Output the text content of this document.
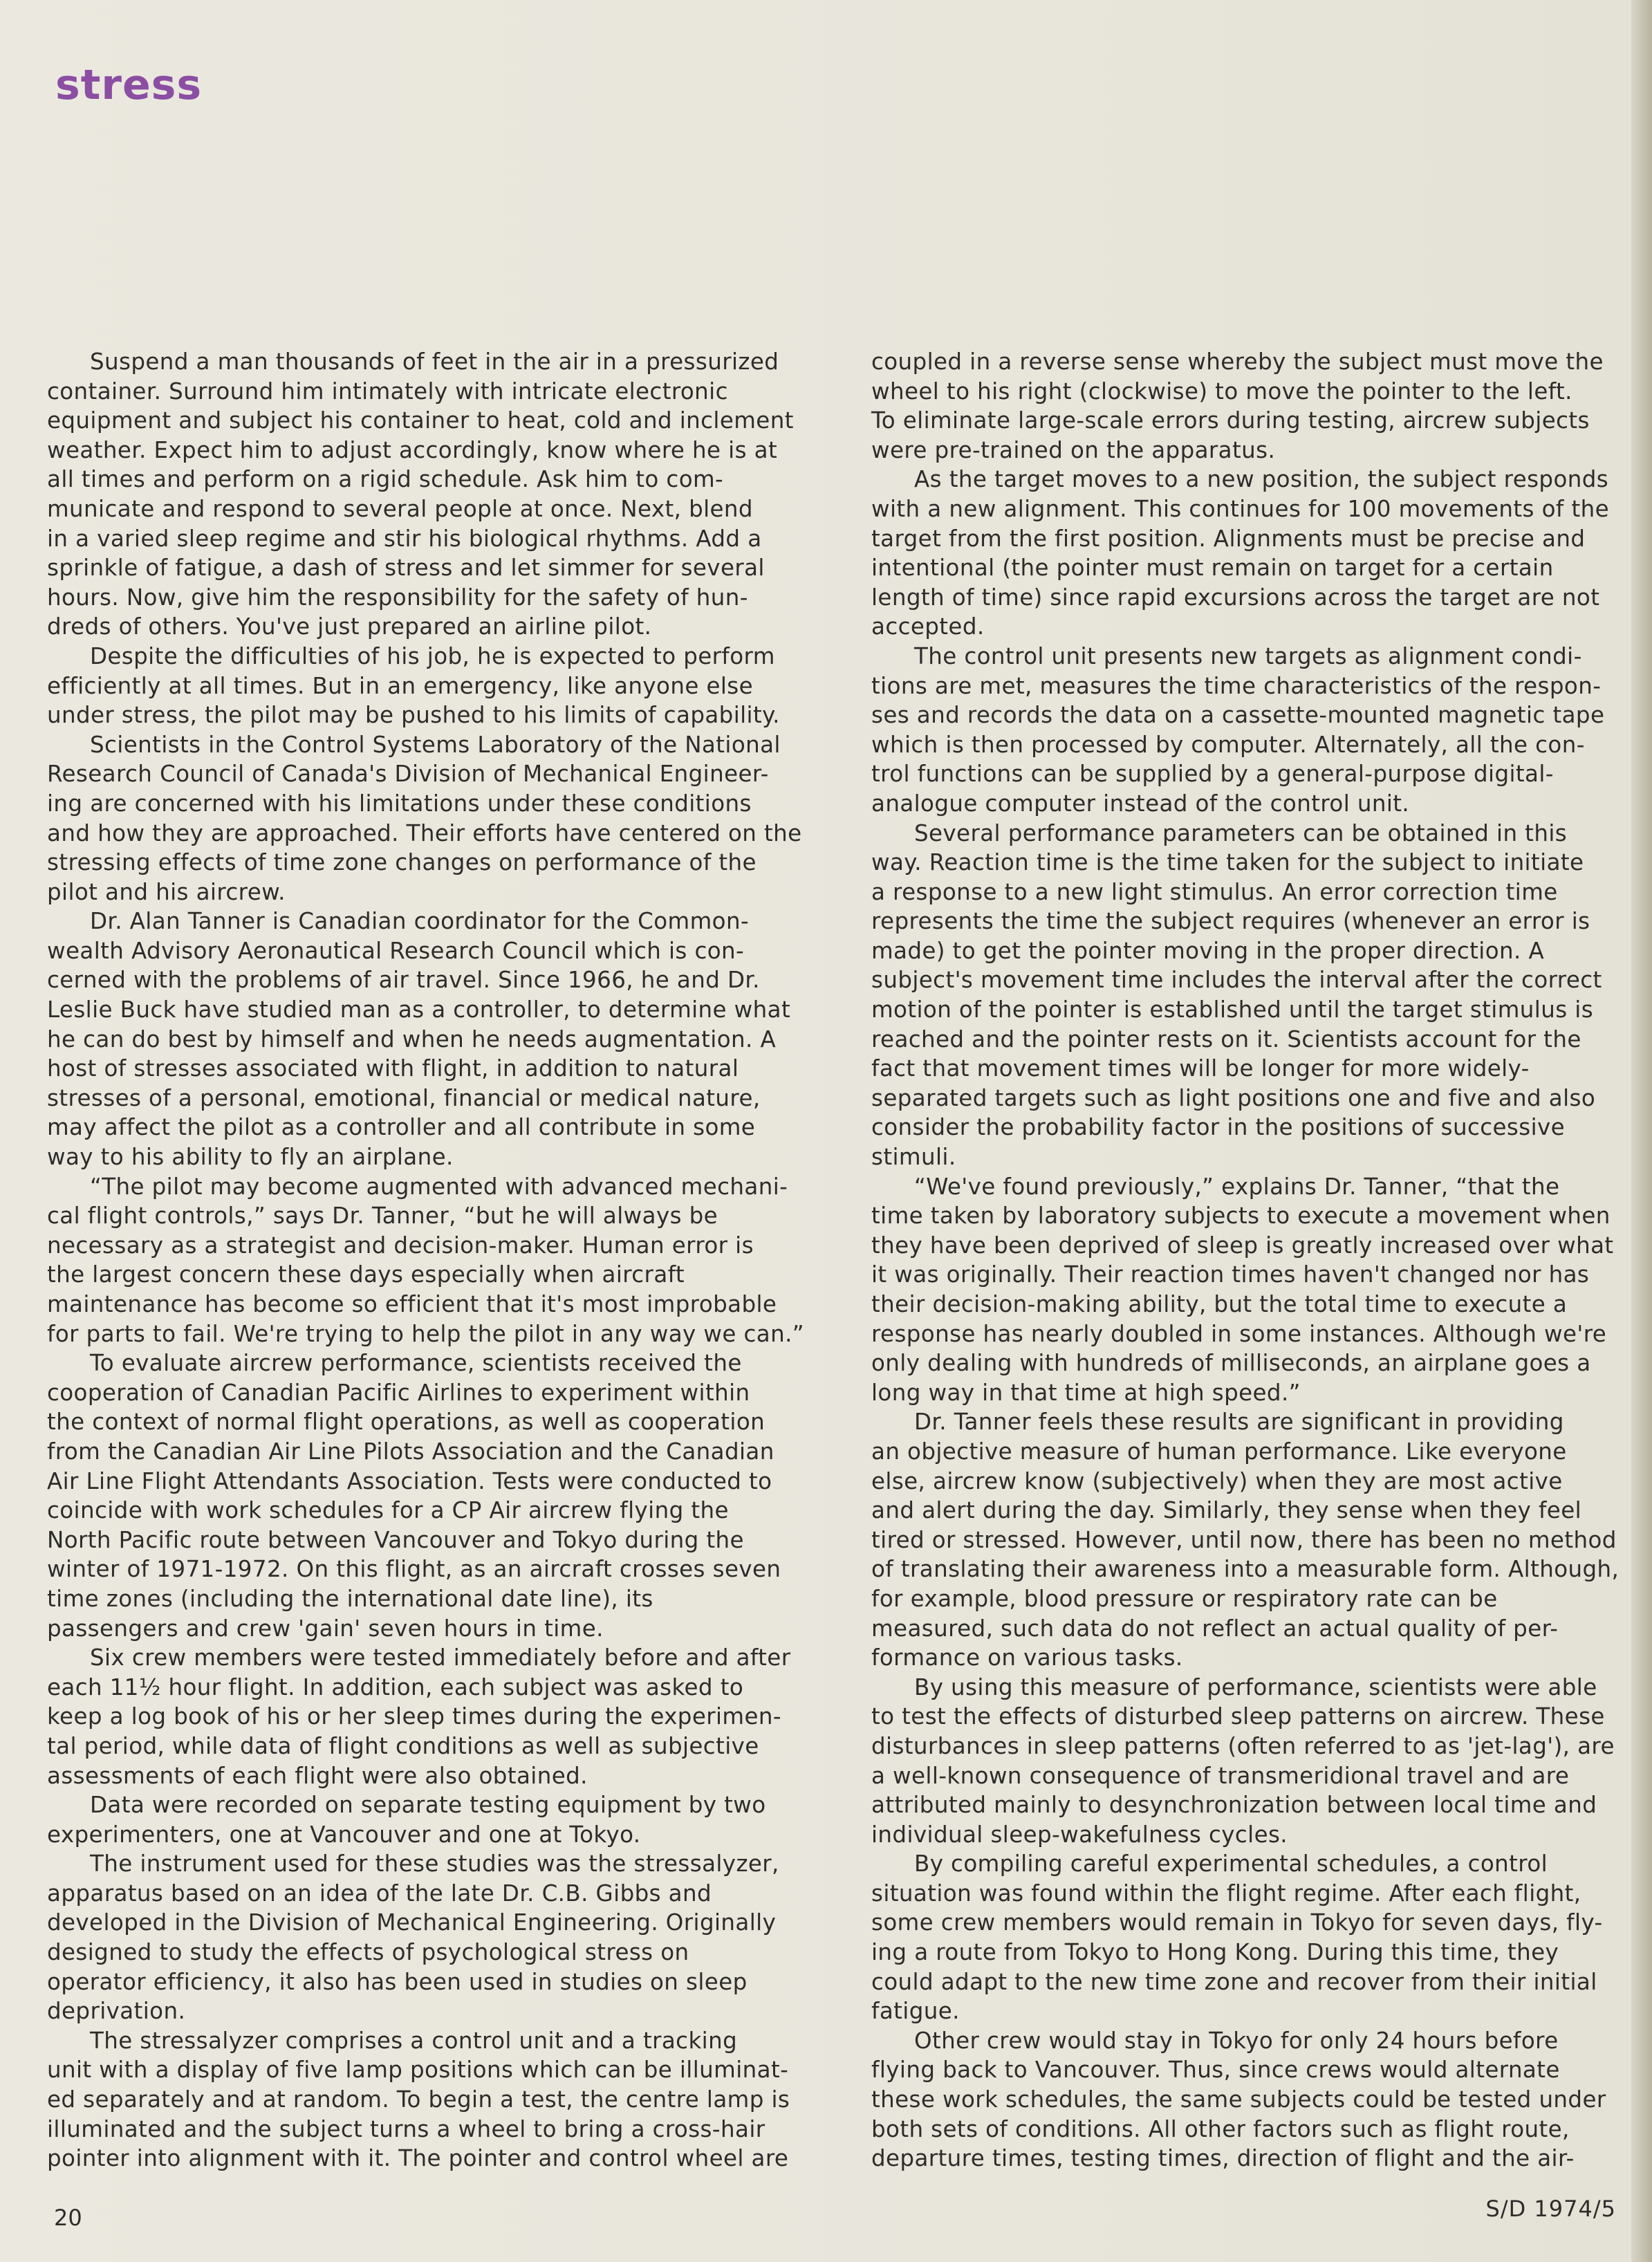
stress
Suspend a man thousands of feet in the air in a pressurized
container. Surround him intimately with intricate electronic
equipment and subject his container to heat, cold and inclement
weather. Expect him to adjust accordingly, know where he is at
all times and perform on a rigid schedule. Ask him to com-
municate and respond to several people at once. Next, blend
in a varied sleep regime and stir his biological rhythms. Add a
sprinkle of fatigue, a dash of stress and let simmer for several
hours. Now, give him the responsibility for the safety of hun-
dreds of others. You've just prepared an airline pilot.
Despite the difficulties of his job, he is expected to perform
efficiently at all times. But in an emergency, like anyone else
under stress, the pilot may be pushed to his limits of capability.
Scientists in the Control Systems Laboratory of the National
Research Council of Canada's Division of Mechanical Engineer-
ing are concerned with his limitations under these conditions
and how they are approached. Their efforts have centered on the
stressing effects of time zone changes on performance of the
pilot and his aircrew.
Dr. Alan Tanner is Canadian coordinator for the Common-
wealth Advisory Aeronautical Research Council which is con-
cerned with the problems of air travel. Since 1966, he and Dr.
Leslie Buck have studied man as a controller, to determine what
he can do best by himself and when he needs augmentation. A
host of stresses associated with flight, in addition to natural
stresses of a personal, emotional, financial or medical nature,
may affect the pilot as a controller and all contribute in some
way to his ability to fly an airplane.
“The pilot may become augmented with advanced mechani-
cal flight controls,” says Dr. Tanner, “but he will always be
necessary as a strategist and decision-maker. Human error is
the largest concern these days especially when aircraft
maintenance has become so efficient that it's most improbable
for parts to fail. We're trying to help the pilot in any way we can.”
To evaluate aircrew performance, scientists received the
cooperation of Canadian Pacific Airlines to experiment within
the context of normal flight operations, as well as cooperation
from the Canadian Air Line Pilots Association and the Canadian
Air Line Flight Attendants Association. Tests were conducted to
coincide with work schedules for a CP Air aircrew flying the
North Pacific route between Vancouver and Tokyo during the
winter of 1971-1972. On this flight, as an aircraft crosses seven
time zones (including the international date line), its
passengers and crew 'gain' seven hours in time.
Six crew members were tested immediately before and after
each 11½ hour flight. In addition, each subject was asked to
keep a log book of his or her sleep times during the experimen-
tal period, while data of flight conditions as well as subjective
assessments of each flight were also obtained.
Data were recorded on separate testing equipment by two
experimenters, one at Vancouver and one at Tokyo.
The instrument used for these studies was the stressalyzer,
apparatus based on an idea of the late Dr. C.B. Gibbs and
developed in the Division of Mechanical Engineering. Originally
designed to study the effects of psychological stress on
operator efficiency, it also has been used in studies on sleep
deprivation.
The stressalyzer comprises a control unit and a tracking
unit with a display of five lamp positions which can be illuminat-
ed separately and at random. To begin a test, the centre lamp is
illuminated and the subject turns a wheel to bring a cross-hair
pointer into alignment with it. The pointer and control wheel are
coupled in a reverse sense whereby the subject must move the
wheel to his right (clockwise) to move the pointer to the left.
To eliminate large-scale errors during testing, aircrew subjects
were pre-trained on the apparatus.
As the target moves to a new position, the subject responds
with a new alignment. This continues for 100 movements of the
target from the first position. Alignments must be precise and
intentional (the pointer must remain on target for a certain
length of time) since rapid excursions across the target are not
accepted.
The control unit presents new targets as alignment condi-
tions are met, measures the time characteristics of the respon-
ses and records the data on a cassette-mounted magnetic tape
which is then processed by computer. Alternately, all the con-
trol functions can be supplied by a general-purpose digital-
analogue computer instead of the control unit.
Several performance parameters can be obtained in this
way. Reaction time is the time taken for the subject to initiate
a response to a new light stimulus. An error correction time
represents the time the subject requires (whenever an error is
made) to get the pointer moving in the proper direction. A
subject's movement time includes the interval after the correct
motion of the pointer is established until the target stimulus is
reached and the pointer rests on it. Scientists account for the
fact that movement times will be longer for more widely-
separated targets such as light positions one and five and also
consider the probability factor in the positions of successive
stimuli.
“We've found previously,” explains Dr. Tanner, “that the
time taken by laboratory subjects to execute a movement when
they have been deprived of sleep is greatly increased over what
it was originally. Their reaction times haven't changed nor has
their decision-making ability, but the total time to execute a
response has nearly doubled in some instances. Although we're
only dealing with hundreds of milliseconds, an airplane goes a
long way in that time at high speed.”
Dr. Tanner feels these results are significant in providing
an objective measure of human performance. Like everyone
else, aircrew know (subjectively) when they are most active
and alert during the day. Similarly, they sense when they feel
tired or stressed. However, until now, there has been no method
of translating their awareness into a measurable form. Although,
for example, blood pressure or respiratory rate can be
measured, such data do not reflect an actual quality of per-
formance on various tasks.
By using this measure of performance, scientists were able
to test the effects of disturbed sleep patterns on aircrew. These
disturbances in sleep patterns (often referred to as 'jet-lag'), are
a well-known consequence of transmeridional travel and are
attributed mainly to desynchronization between local time and
individual sleep-wakefulness cycles.
By compiling careful experimental schedules, a control
situation was found within the flight regime. After each flight,
some crew members would remain in Tokyo for seven days, fly-
ing a route from Tokyo to Hong Kong. During this time, they
could adapt to the new time zone and recover from their initial
fatigue.
Other crew would stay in Tokyo for only 24 hours before
flying back to Vancouver. Thus, since crews would alternate
these work schedules, the same subjects could be tested under
both sets of conditions. All other factors such as flight route,
departure times, testing times, direction of flight and the air-
20	S/D 1974/5
